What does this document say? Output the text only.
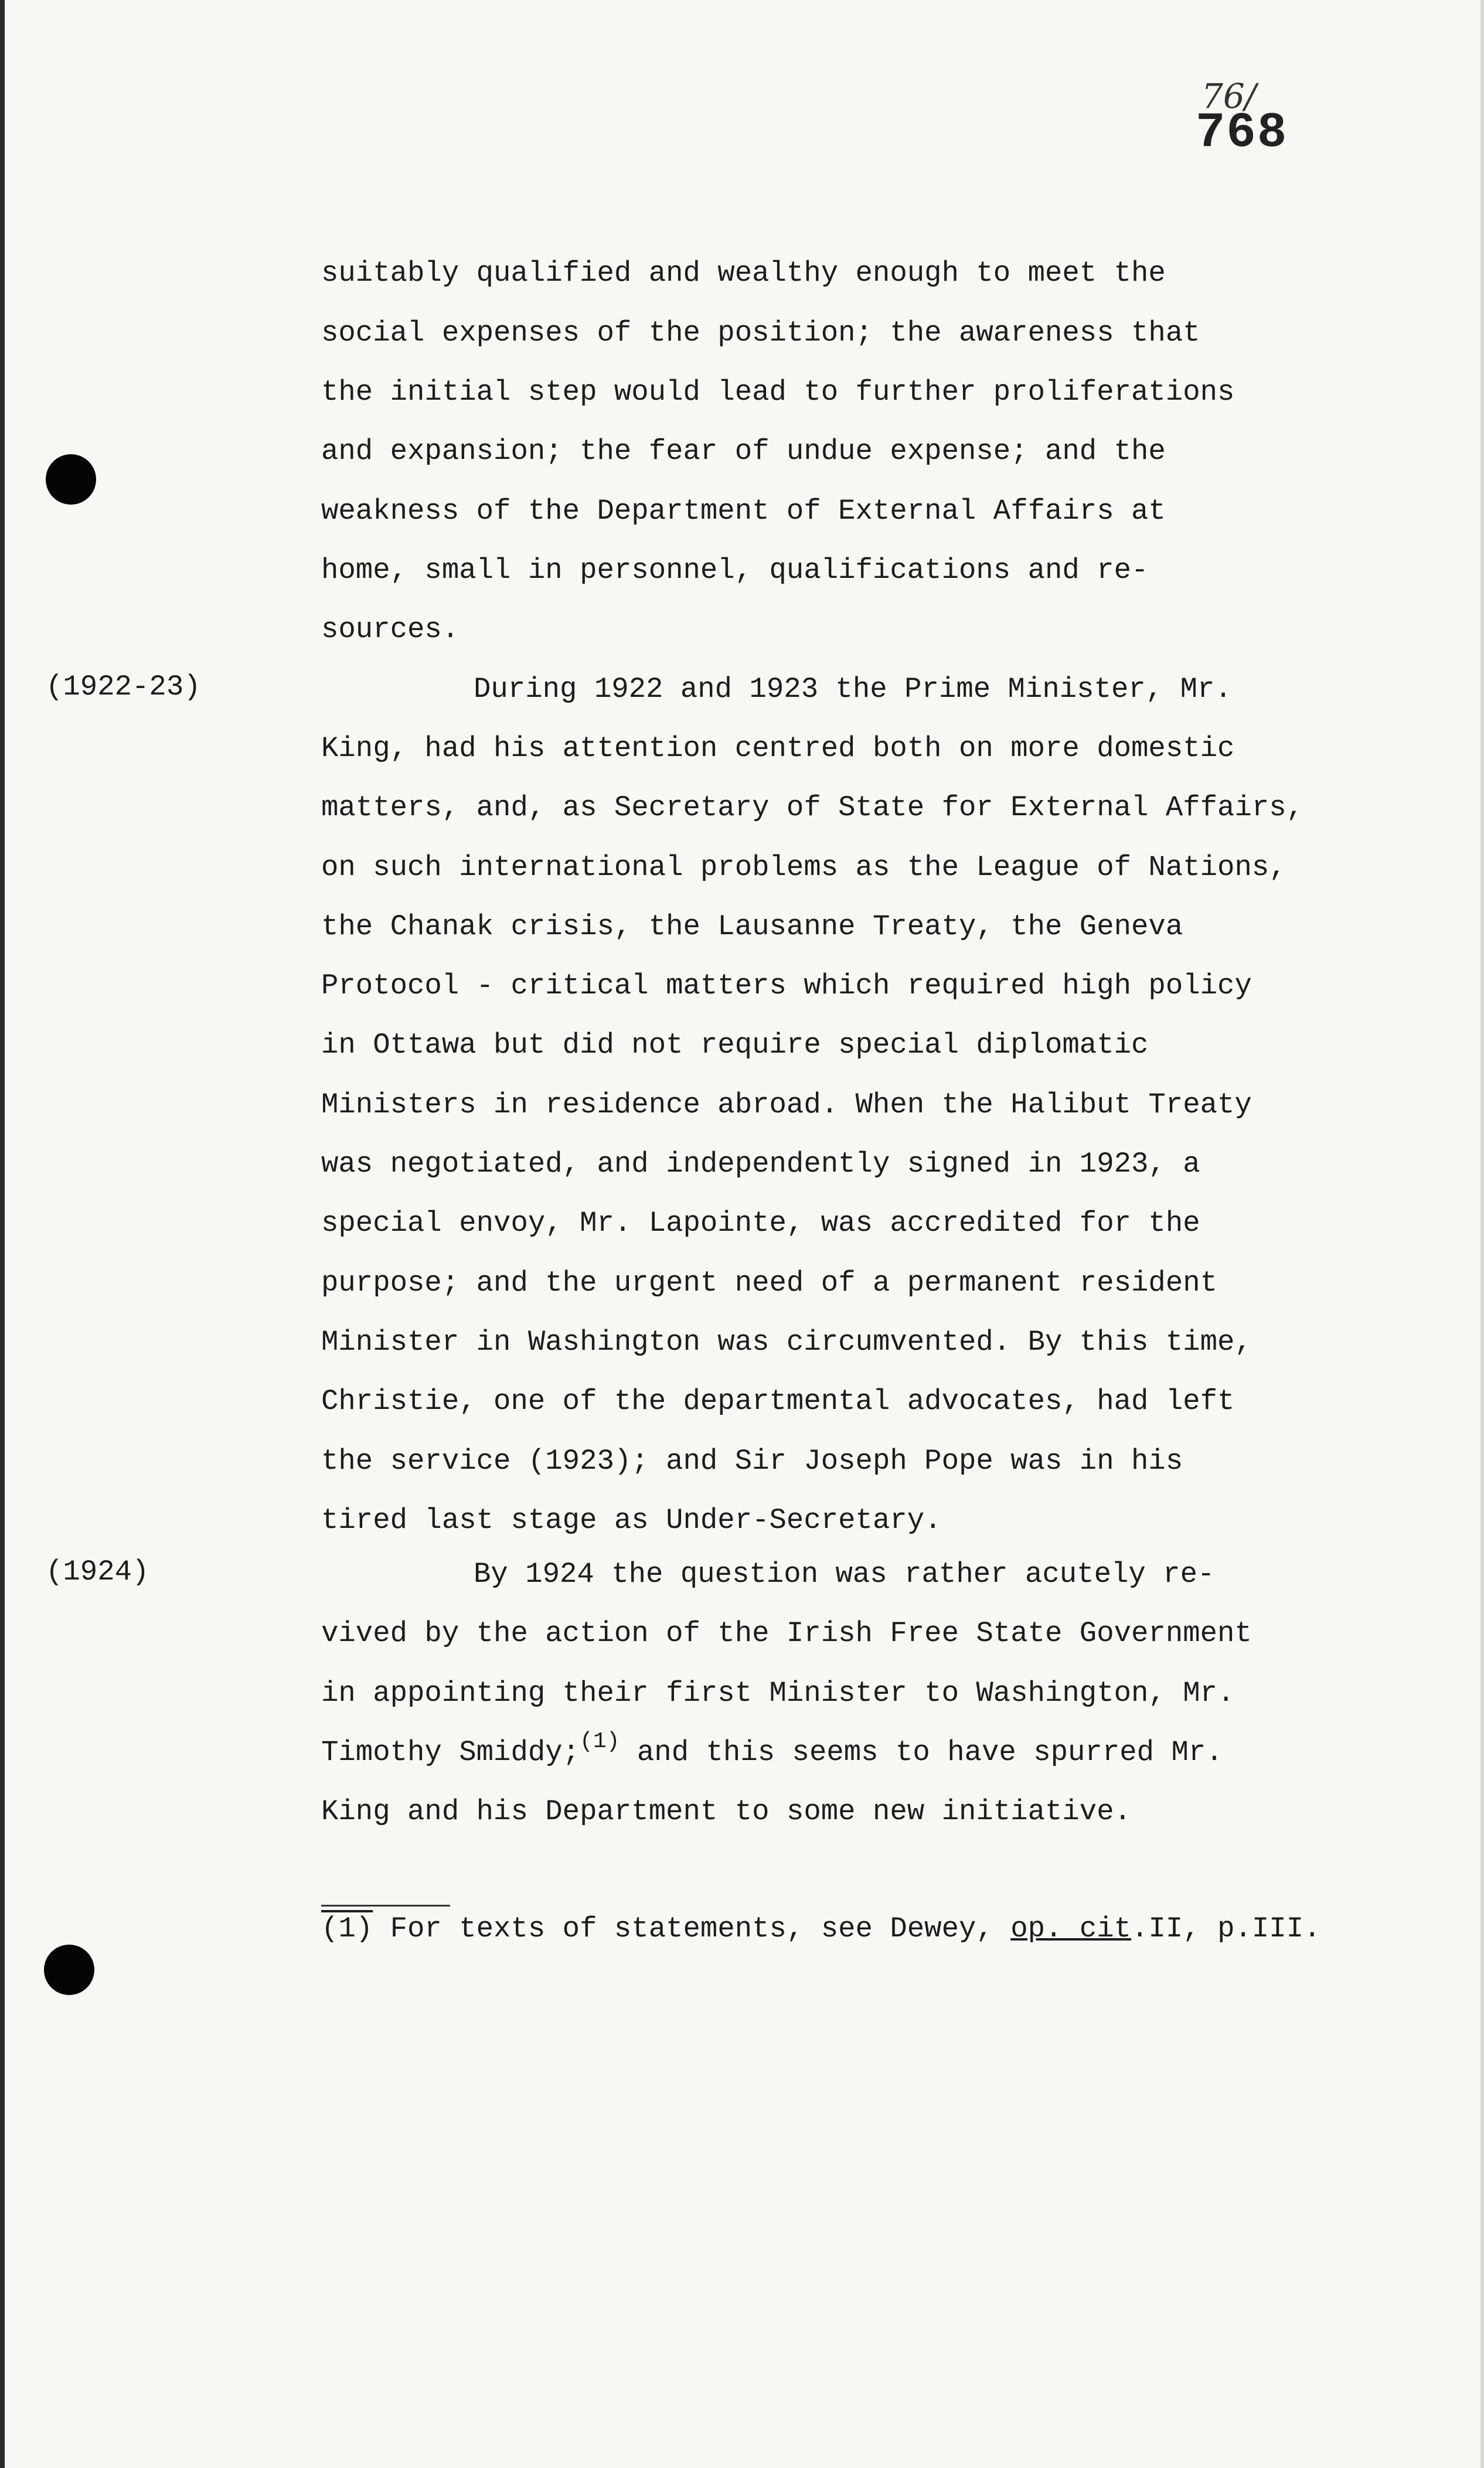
76/
768
(1922-23)
(1924)
suitably qualified and wealthy enough to meet the
social expenses of the position; the awareness that
the initial step would lead to further proliferations
and expansion; the fear of undue expense; and the
weakness of the Department of External Affairs at
home, small in personnel, qualifications and re-
sources.
During 1922 and 1923 the Prime Minister, Mr.
King, had his attention centred both on more domestic
matters, and, as Secretary of State for External Affairs,
on such international problems as the League of Nations,
the Chanak crisis, the Lausanne Treaty, the Geneva
Protocol - critical matters which required high policy
in Ottawa but did not require special diplomatic
Ministers in residence abroad. When the Halibut Treaty
was negotiated, and independently signed in 1923, a
special envoy, Mr. Lapointe, was accredited for the
purpose; and the urgent need of a permanent resident
Minister in Washington was circumvented. By this time,
Christie, one of the departmental advocates, had left
the service (1923); and Sir Joseph Pope was in his
tired last stage as Under-Secretary.
By 1924 the question was rather acutely re-
vived by the action of the Irish Free State Government
in appointing their first Minister to Washington, Mr.
Timothy Smiddy;$^{(1)}$ and this seems to have spurred Mr.
King and his Department to some new initiative.
(1) For texts of statements, see Dewey, op. cit.II, p.III.
